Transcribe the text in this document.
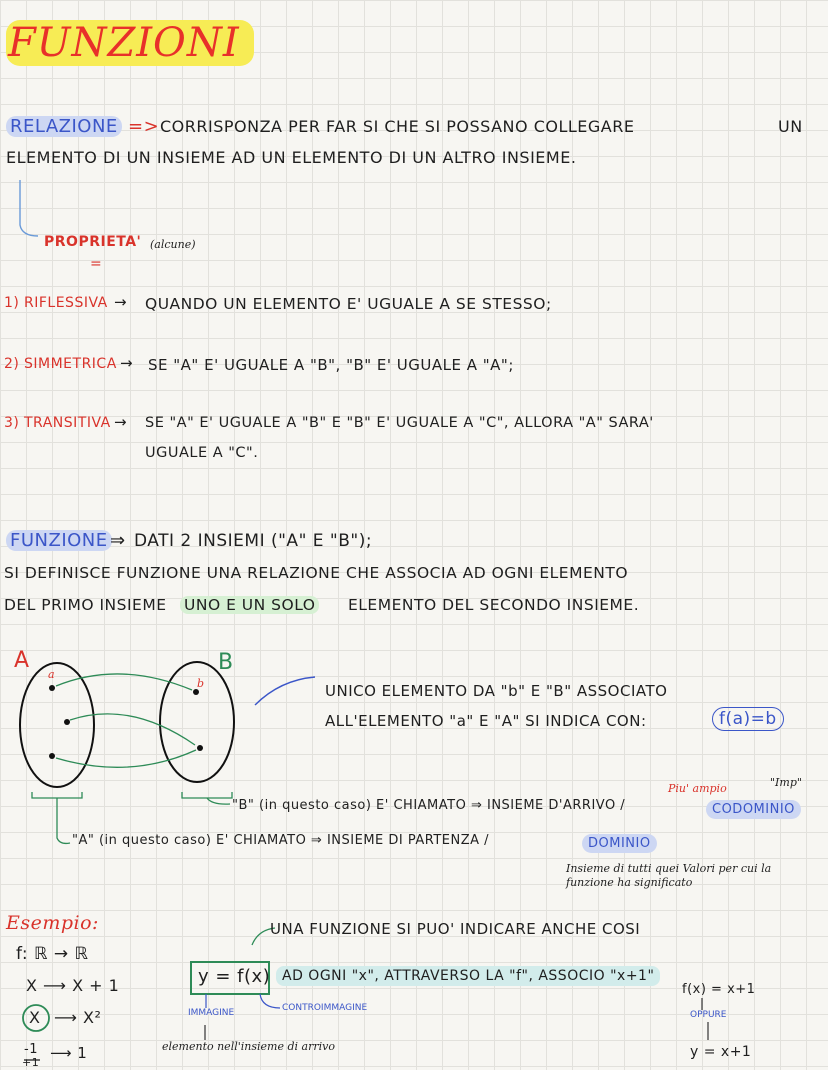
FUNZIONI
RELAZIONE => CORRISPONZA PER FAR SI CHE SI POSSANO COLLEGARE	UN
ELEMENTO DI UN INSIEME AD UN ELEMENTO DI UN ALTRO INSIEME.
PROPRIETA' (alcune)
=
1) RIFLESSIVA → QUANDO UN ELEMENTO E' UGUALE A SE STESSO;
2) SIMMETRICA → SE "A" E' UGUALE A "B", "B" E' UGUALE A "A";
3) TRANSITIVA → SE "A" E' UGUALE A "B" E "B" E' UGUALE A "C", ALLORA "A" SARA'
UGUALE A "C".
FUNZIONE ⇒ DATI 2 INSIEMI ("A" E "B");
SI DEFINISCE FUNZIONE UNA RELAZIONE CHE ASSOCIA AD OGNI ELEMENTO
DEL PRIMO INSIEME UNO E UN SOLO ELEMENTO DEL SECONDO INSIEME.
A	B
a
b	UNICO ELEMENTO DA "b" E "B" ASSOCIATO
ALL'ELEMENTO "a" E "A" SI INDICA CON:	f(a)=b
Piu' ampio	"Imp"
"B" (in questo caso) E' CHIAMATO ⇒ INSIEME D'ARRIVO /	CODOMINIO
"A" (in questo caso) E' CHIAMATO ⇒ INSIEME DI PARTENZA /	DOMINIO
Insieme di tutti quei Valori per cui la
funzione ha significato
Esempio:
f: ℝ → ℝ
X ⟶ X + 1
X ⟶ X²
-1
+1
⟶ 1
UNA FUNZIONE SI PUO' INDICARE ANCHE COSI
y = f(x) AD OGNI "x", ATTRAVERSO LA "f", ASSOCIO "x+1"
IMMAGINE	CONTROIMMAGINE
elemento nell'insieme di arrivo
f(x) = x+1
OPPURE
y = x+1
